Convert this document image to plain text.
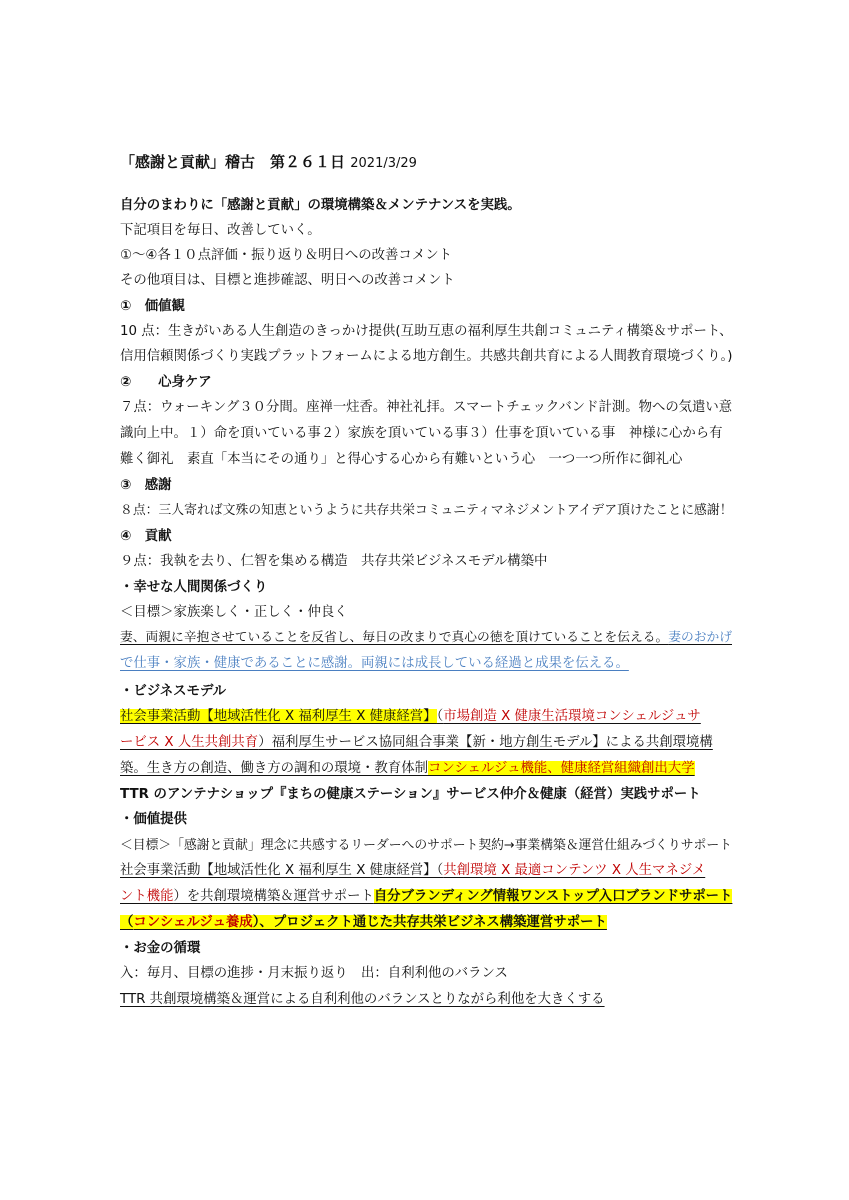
「感謝と貢献」稽古　第２６１日 2021/3/29
自分のまわりに「感謝と貢献」の環境構築＆メンテナンスを実践。
下記項目を毎日、改善していく。
①～④各１０点評価・振り返り＆明日への改善コメント
その他項目は、目標と進捗確認、明日への改善コメント
①　価値観
10 点：生きがいある人生創造のきっかけ提供(互助互恵の福利厚生共創コミュニティ構築＆サポート、
信用信頼関係づくり実践プラットフォームによる地方創生。共感共創共育による人間教育環境づくり。)
②　　心身ケア
７点：ウォーキング３０分間。座禅一炷香。神社礼拝。スマートチェックバンド計測。物への気遣い意
識向上中。１）命を頂いている事２）家族を頂いている事３）仕事を頂いている事　神様に心から有
難く御礼　素直「本当にその通り」と得心する心から有難いという心　一つ一つ所作に御礼心
③　感謝
８点：三人寄れば文殊の知恵というように共存共栄コミュニティマネジメントアイデア頂けたことに感謝！
④　貢献
９点：我執を去り、仁智を集める構造　共存共栄ビジネスモデル構築中
・幸せな人間関係づくり
＜目標＞家族楽しく・正しく・仲良く
妻、両親に辛抱させていることを反省し、毎日の改まりで真心の徳を頂けていることを伝える。妻のおかげ
で仕事・家族・健康であることに感謝。両親には成長している経過と成果を伝える。
・ビジネスモデル
社会事業活動【地域活性化 X 福利厚生 X 健康経営】（市場創造 X 健康生活環境コンシェルジュサ
ービス X 人生共創共育）福利厚生サービス協同組合事業【新・地方創生モデル】による共創環境構
築。生き方の創造、働き方の調和の環境・教育体制コンシェルジュ機能、健康経営組織創出大学
TTR のアンテナショップ『まちの健康ステーション』サービス仲介＆健康（経営）実践サポート
・価値提供
＜目標＞「感謝と貢献」理念に共感するリーダーへのサポート契約→事業構築＆運営仕組みづくりサポート
社会事業活動【地域活性化 X 福利厚生 X 健康経営】（共創環境 X 最適コンテンツ X 人生マネジメ
ント機能）を共創環境構築＆運営サポート自分ブランディング情報ワンストップ入口ブランドサポート
（コンシェルジュ養成）、プロジェクト通じた共存共栄ビジネス構築運営サポート
・お金の循環
入：毎月、目標の進捗・月末振り返り　出：自利利他のバランス
TTR 共創環境構築＆運営による自利利他のバランスとりながら利他を大きくする
